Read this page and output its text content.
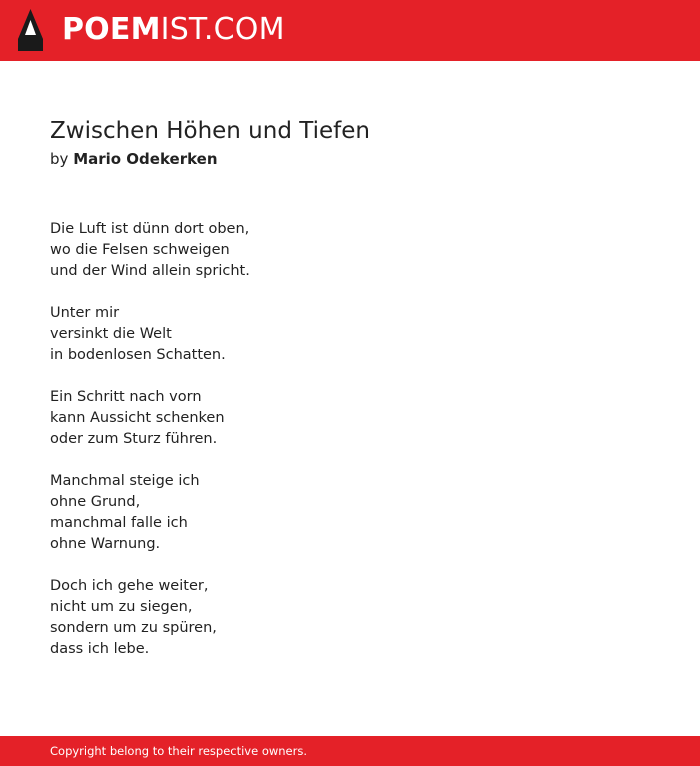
POEMIST.COM
Zwischen Höhen und Tiefen
by Mario Odekerken
Die Luft ist dünn dort oben,
wo die Felsen schweigen
und der Wind allein spricht.
Unter mir
versinkt die Welt
in bodenlosen Schatten.
Ein Schritt nach vorn
kann Aussicht schenken
oder zum Sturz führen.
Manchmal steige ich
ohne Grund,
manchmal falle ich
ohne Warnung.
Doch ich gehe weiter,
nicht um zu siegen,
sondern um zu spüren,
dass ich lebe.
Copyright belong to their respective owners.
